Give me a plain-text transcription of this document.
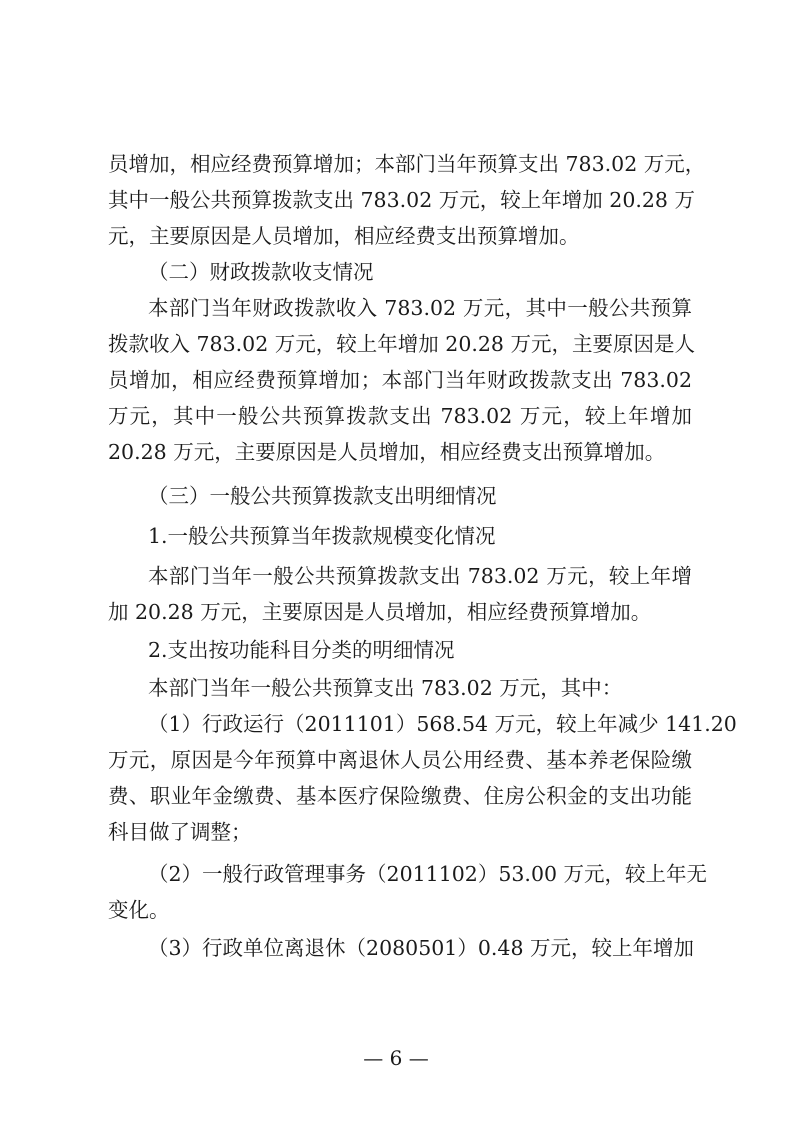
员增加，相应经费预算增加；本部门当年预算支出 783.02 万元，
其中一般公共预算拨款支出 783.02 万元，较上年增加 20.28 万
元，主要原因是人员增加，相应经费支出预算增加。
（二）财政拨款收支情况
本部门当年财政拨款收入 783.02 万元，其中一般公共预算
拨款收入 783.02 万元，较上年增加 20.28 万元，主要原因是人
员增加，相应经费预算增加；本部门当年财政拨款支出 783.02
万元，其中一般公共预算拨款支出 783.02 万元，较上年增加
20.28 万元，主要原因是人员增加，相应经费支出预算增加。
（三）一般公共预算拨款支出明细情况
1.一般公共预算当年拨款规模变化情况
本部门当年一般公共预算拨款支出 783.02 万元，较上年增
加 20.28 万元，主要原因是人员增加，相应经费预算增加。
2.支出按功能科目分类的明细情况
本部门当年一般公共预算支出 783.02 万元，其中：
（1）行政运行（2011101）568.54 万元，较上年减少 141.20
万元，原因是今年预算中离退休人员公用经费、基本养老保险缴
费、职业年金缴费、基本医疗保险缴费、住房公积金的支出功能
科目做了调整；
（2）一般行政管理事务（2011102）53.00 万元，较上年无
变化。
（3）行政单位离退休（2080501）0.48 万元，较上年增加
— 6 —
